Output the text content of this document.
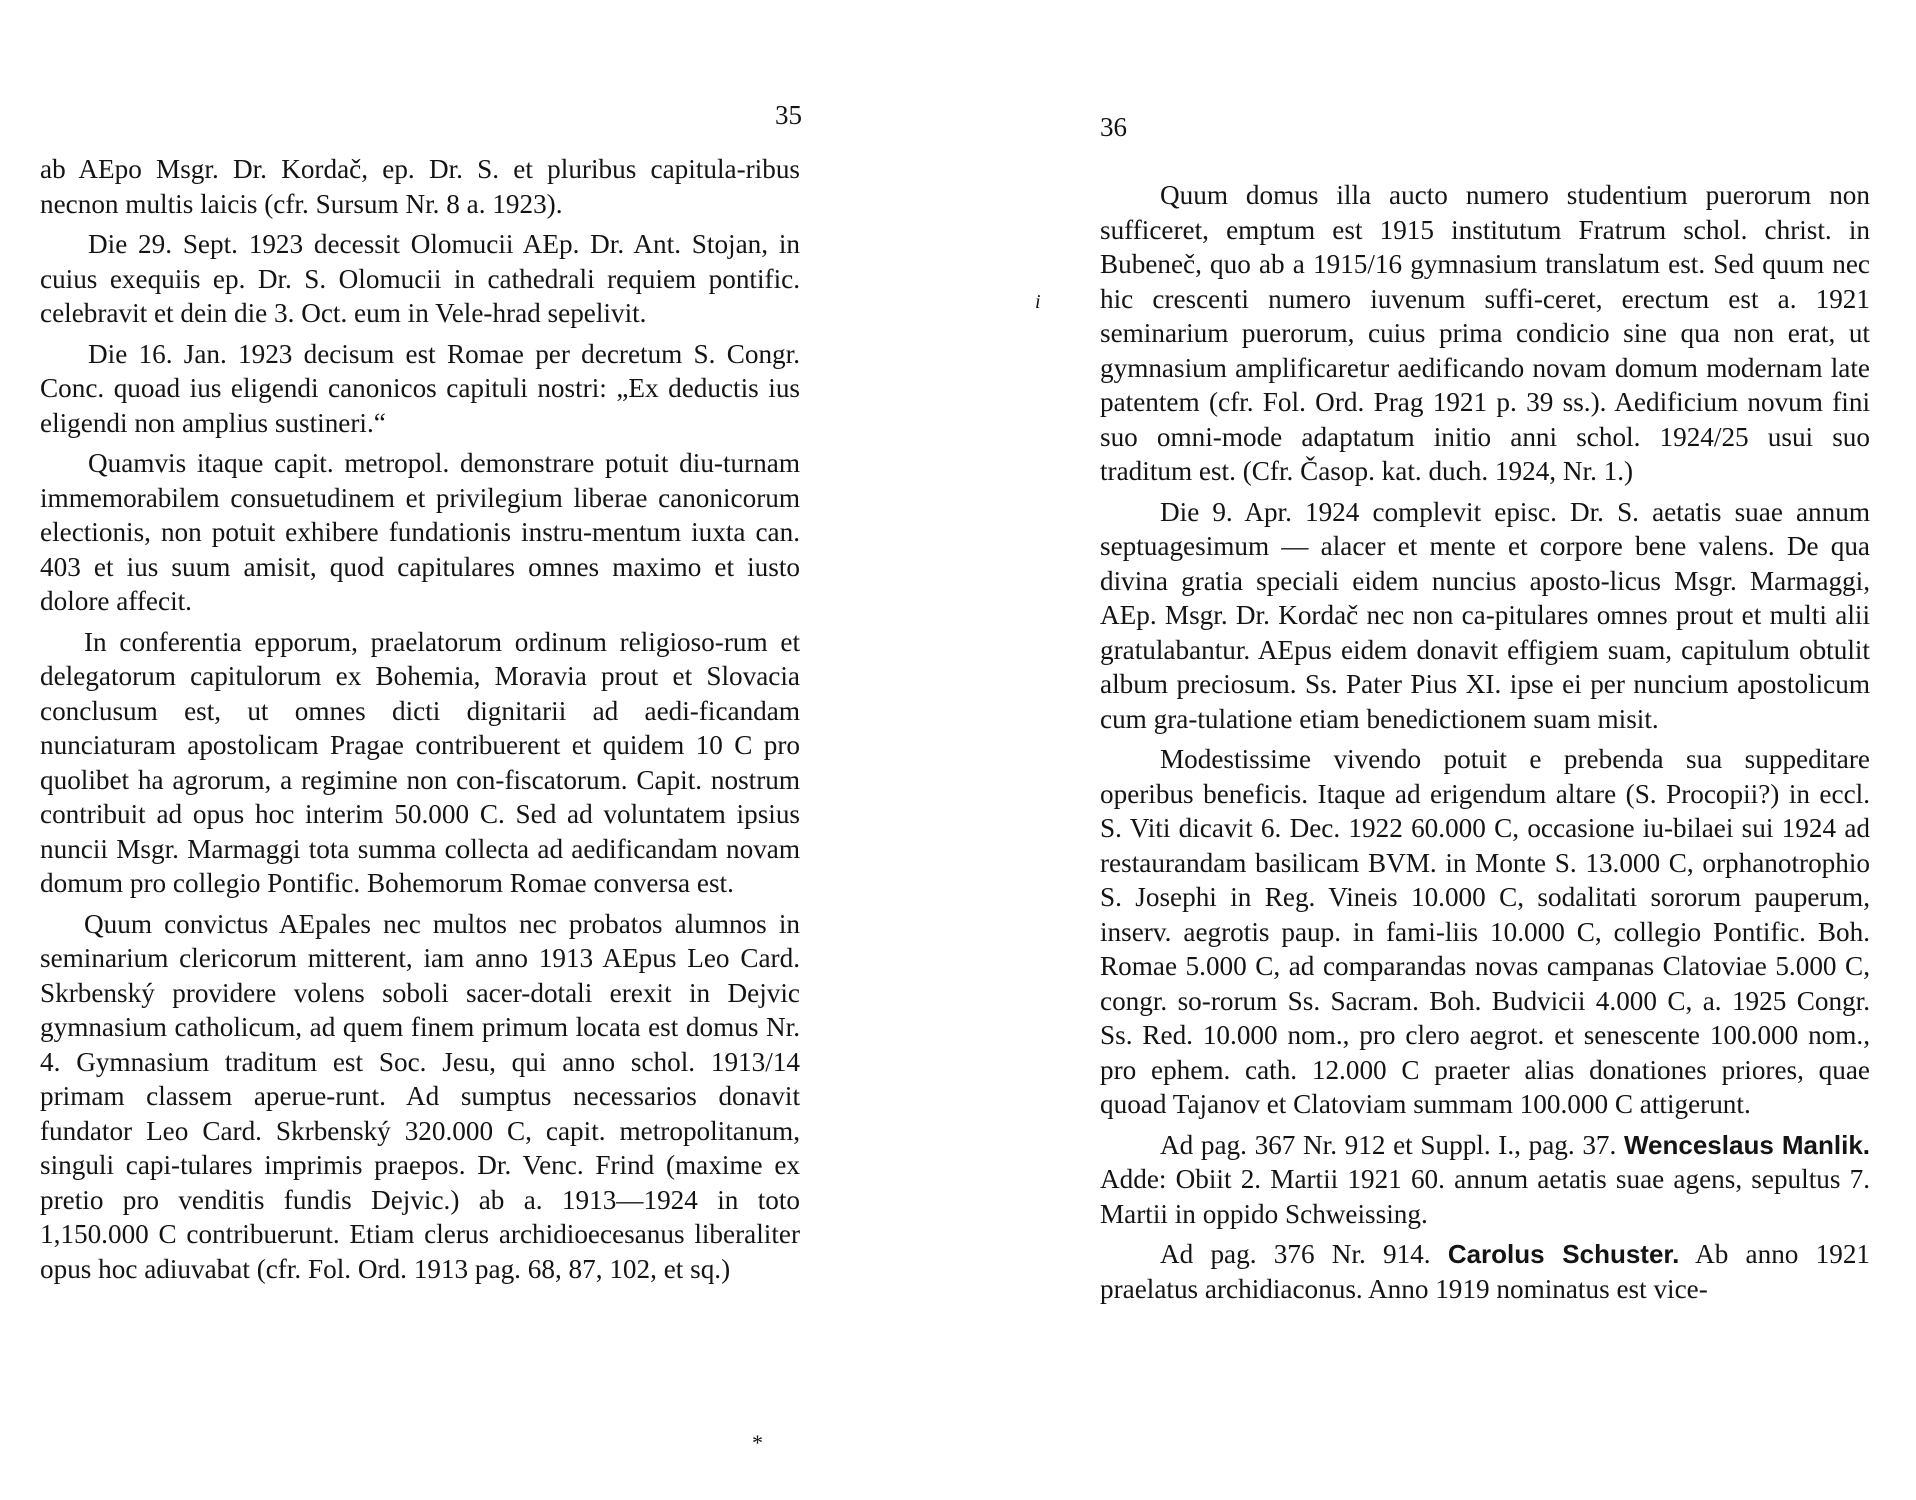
35

ab AEpo Msgr. Dr. Kordač, ep. Dr. S. et pluribus capitula-ribus necnon multis laicis (cfr. Sursum Nr. 8 a. 1923).

Die 29. Sept. 1923 decessit Olomucii AEp. Dr. Ant. Stojan, in cuius exequiis ep. Dr. S. Olomucii in cathedrali requiem pontific. celebravit et dein die 3. Oct. eum in Vele-hrad sepelivit.

Die 16. Jan. 1923 decisum est Romae per decretum S. Congr. Conc. quoad ius eligendi canonicos capituli nostri: „Ex deductis ius eligendi non amplius sustineri.“

Quamvis itaque capit. metropol. demonstrare potuit diu-turnam immemorabilem consuetudinem et privilegium liberae canonicorum electionis, non potuit exhibere fundationis instru-mentum iuxta can. 403 et ius suum amisit, quod capitulares omnes maximo et iusto dolore affecit.

In conferentia epporum, praelatorum ordinum religioso-rum et delegatorum capitulorum ex Bohemia, Moravia prout et Slovacia conclusum est, ut omnes dicti dignitarii ad aedi-ficandam nunciaturam apostolicam Pragae contribuerent et quidem 10 C pro quolibet ha agrorum, a regimine non con-fiscatorum. Capit. nostrum contribuit ad opus hoc interim 50.000 C. Sed ad voluntatem ipsius nuncii Msgr. Marmaggi tota summa collecta ad aedificandam novam domum pro collegio Pontific. Bohemorum Romae conversa est.

Quum convictus AEpales nec multos nec probatos alumnos in seminarium clericorum mitterent, iam anno 1913 AEpus Leo Card. Skrbenský providere volens soboli sacer-dotali erexit in Dejvic gymnasium catholicum, ad quem finem primum locata est domus Nr. 4. Gymnasium traditum est Soc. Jesu, qui anno schol. 1913/14 primam classem aperue-runt. Ad sumptus necessarios donavit fundator Leo Card. Skrbenský 320.000 C, capit. metropolitanum, singuli capi-tulares imprimis praepos. Dr. Venc. Frind (maxime ex pretio pro venditis fundis Dejvic.) ab a. 1913—1924 in toto 1,150.000 C contribuerunt. Etiam clerus archidioecesanus liberaliter opus hoc adiuvabat (cfr. Fol. Ord. 1913 pag. 68, 87, 102, et sq.)

*
36

Quum domus illa aucto numero studentium puerorum non sufficeret, emptum est 1915 institutum Fratrum schol. christ. in Bubeneč, quo ab a 1915/16 gymnasium translatum est. Sed quum nec hic crescenti numero iuvenum suffi-ceret, erectum est a. 1921 seminarium puerorum, cuius prima condicio sine qua non erat, ut gymnasium amplificaretur aedificando novam domum modernam late patentem (cfr. Fol. Ord. Prag 1921 p. 39 ss.). Aedificium novum fini suo omni-mode adaptatum initio anni schol. 1924/25 usui suo traditum est. (Cfr. Časop. kat. duch. 1924, Nr. 1.)

Die 9. Apr. 1924 complevit episc. Dr. S. aetatis suae annum septuagesimum — alacer et mente et corpore bene valens. De qua divina gratia speciali eidem nuncius aposto-licus Msgr. Marmaggi, AEp. Msgr. Dr. Kordač nec non ca-pitulares omnes prout et multi alii gratulabantur. AEpus eidem donavit effigiem suam, capitulum obtulit album preciosum. Ss. Pater Pius XI. ipse ei per nuncium apostolicum cum gra-tulatione etiam benedictionem suam misit.

Modestissime vivendo potuit e prebenda sua suppeditare operibus beneficis. Itaque ad erigendum altare (S. Procopii?) in eccl. S. Viti dicavit 6. Dec. 1922 60.000 C, occasione iu-bilaei sui 1924 ad restaurandam basilicam BVM. in Monte S. 13.000 C, orphanotrophio S. Josephi in Reg. Vineis 10.000 C, sodalitati sororum pauperum, inserv. aegrotis paup. in fami-liis 10.000 C, collegio Pontific. Boh. Romae 5.000 C, ad comparandas novas campanas Clatoviae 5.000 C, congr. so-rorum Ss. Sacram. Boh. Budvicii 4.000 C, a. 1925 Congr. Ss. Red. 10.000 nom., pro clero aegrot. et senescente 100.000 nom., pro ephem. cath. 12.000 C praeter alias donationes priores, quae quoad Tajanov et Clatoviam summam 100.000 C attigerunt.

Ad pag. 367 Nr. 912 et Suppl. I., pag. 37. Wenceslaus Manlik. Adde: Obiit 2. Martii 1921 60. annum aetatis suae agens, sepultus 7. Martii in oppido Schweissing.

Ad pag. 376 Nr. 914. Carolus Schuster. Ab anno 1921 praelatus archidiaconus. Anno 1919 nominatus est vice-

i
